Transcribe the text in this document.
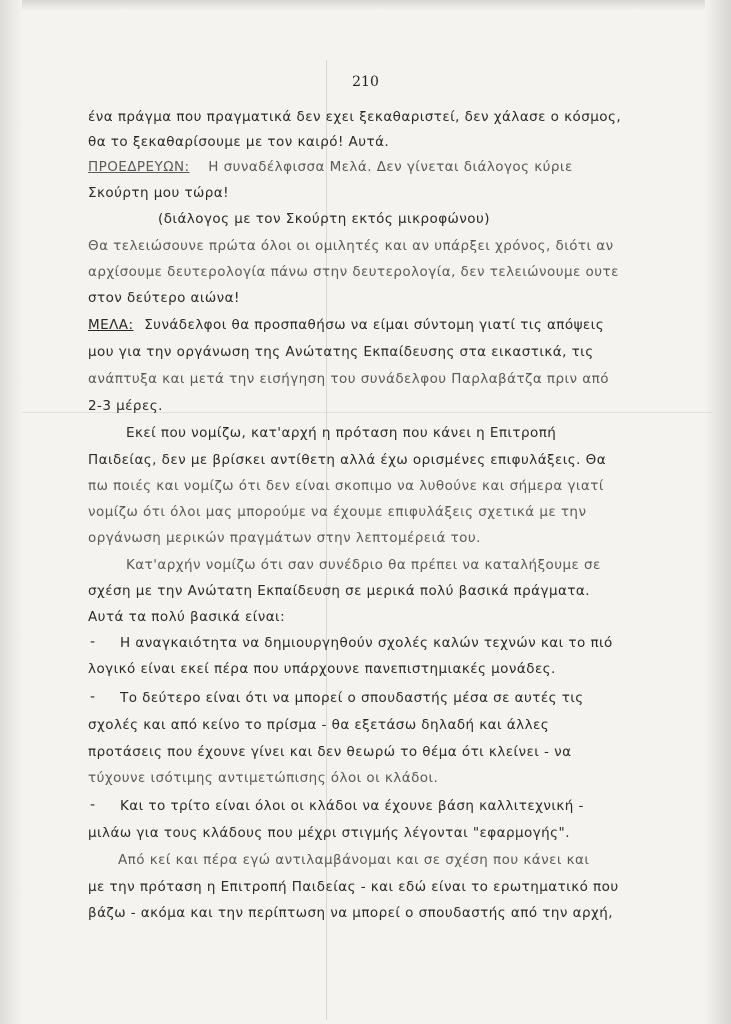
210
ένα πράγμα που πραγματικά δεν εχει ξεκαθαριστεί, δεν χάλασε ο κόσμος,
θα το ξεκαθαρίσουμε με τον καιρό! Αυτά.
ΠΡΟΕΔΡΕΥΩΝ: Η συναδέλφισσα Μελά. Δεν γίνεται διάλογος κύριε
Σκούρτη μου τώρα!
(διάλογος με τον Σκούρτη εκτός μικροφώνου)
Θα τελειώσουνε πρώτα όλοι οι ομιλητές και αν υπάρξει χρόνος, διότι αν
αρχίσουμε δευτερολογία πάνω στην δευτερολογία, δεν τελειώνουμε ουτε
στον δεύτερο αιώνα!
ΜΕΛΑ: Συνάδελφοι θα προσπαθήσω να είμαι σύντομη γιατί τις απόψεις
μου για την οργάνωση της Ανώτατης Εκπαίδευσης στα εικαστικά, τις
ανάπτυξα και μετά την εισήγηση του συνάδελφου Παρλαβάτζα πριν από
2-3 μέρες.
Εκεί που νομίζω, κατ'αρχή η πρόταση που κάνει η Επιτροπή
Παιδείας, δεν με βρίσκει αντίθετη αλλά έχω ορισμένες επιφυλάξεις. Θα
πω ποιές και νομίζω ότι δεν είναι σκοπιμο να λυθούνε και σήμερα γιατί
νομίζω ότι όλοι μας μπορούμε να έχουμε επιφυλάξεις σχετικά με την
οργάνωση μερικών πραγμάτων στην λεπτομέρειά του.
Κατ'αρχήν νομίζω ότι σαν συνέδριο θα πρέπει να καταλήξουμε σε
σχέση με την Ανώτατη Εκπαίδευση σε μερικά πολύ βασικά πράγματα.
Αυτά τα πολύ βασικά είναι:
- Η αναγκαιότητα να δημιουργηθούν σχολές καλών τεχνών και το πιό
λογικό είναι εκεί πέρα που υπάρχουνε πανεπιστημιακές μονάδες.
- Το δεύτερο είναι ότι να μπορεί ο σπουδαστής μέσα σε αυτές τις
σχολές και από κείνο το πρίσμα - θα εξετάσω δηλαδή και άλλες
προτάσεις που έχουνε γίνει και δεν θεωρώ το θέμα ότι κλείνει - να
τύχουνε ισότιμης αντιμετώπισης όλοι οι κλάδοι.
- Και το τρίτο είναι όλοι οι κλάδοι να έχουνε βάση καλλιτεχνική -
μιλάω για τους κλάδους που μέχρι στιγμής λέγονται "εφαρμογής".
Από κεί και πέρα εγώ αντιλαμβάνομαι και σε σχέση που κάνει και
με την πρόταση η Επιτροπή Παιδείας - και εδώ είναι το ερωτηματικό που
βάζω - ακόμα και την περίπτωση να μπορεί ο σπουδαστής από την αρχή,
